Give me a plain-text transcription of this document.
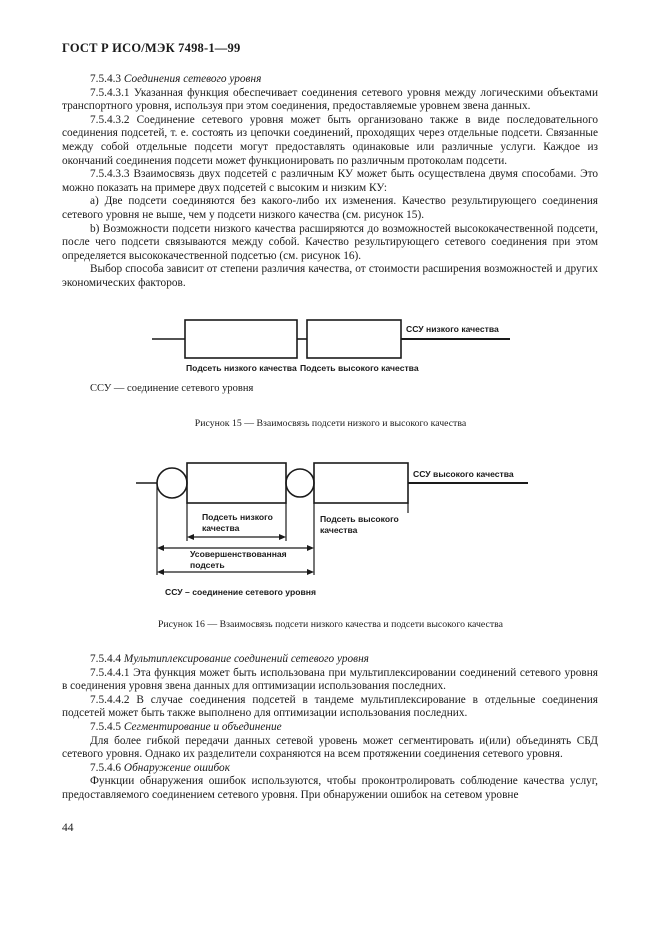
ГОСТ Р ИСО/МЭК 7498-1—99

7.5.4.3 Соединения сетевого уровня

7.5.4.3.1 Указанная функция обеспечивает соединения сетевого уровня между логическими объектами транспортного уровня, используя при этом соединения, предоставляемые уровнем звена данных.

7.5.4.3.2 Соединение сетевого уровня может быть организовано также в виде последовательного соединения подсетей, т. е. состоять из цепочки соединений, проходящих через отдельные подсети. Связанные между собой отдельные подсети могут предоставлять одинаковые или различные услуги. Каждое из окончаний соединения подсети может функционировать по различным протоколам подсети.

7.5.4.3.3 Взаимосвязь двух подсетей с различным КУ может быть осуществлена двумя способами. Это можно показать на примере двух подсетей с высоким и низким КУ:

a) Две подсети соединяются без какого-либо их изменения. Качество результирующего соединения сетевого уровня не выше, чем у подсети низкого качества (см. рисунок 15).

b) Возможности подсети низкого качества расширяются до возможностей высококачественной подсети, после чего подсети связываются между собой. Качество результирующего сетевого соединения при этом определяется высококачественной подсетью (см. рисунок 16).

Выбор способа зависит от степени различия качества, от стоимости расширения возможностей и других экономических факторов.

ССУ низкого качества
Подсеть низкого качества Подсеть высокого качества
ССУ — соединение сетевого уровня
Рисунок 15 — Взаимосвязь подсети низкого и высокого качества
ССУ высокого качества
Подсеть низкого
качества
Подсеть высокого
качества
Усовершенствованная
подсеть
ССУ – соединение сетевого уровня
Рисунок 16 — Взаимосвязь подсети низкого качества и подсети высокого качества

7.5.4.4 Мультиплексирование соединений сетевого уровня

7.5.4.4.1 Эта функция может быть использована при мультиплексировании соединений сетевого уровня в соединения уровня звена данных для оптимизации использования последних.

7.5.4.4.2 В случае соединения подсетей в тандеме мультиплексирование в отдельные соединения подсетей может быть также выполнено для оптимизации использования последних.

7.5.4.5 Сегментирование и объединение

Для более гибкой передачи данных сетевой уровень может сегментировать и(или) объединять СБД сетевого уровня. Однако их разделители сохраняются на всем протяжении соединения сетевого уровня.

7.5.4.6 Обнаружение ошибок

Функции обнаружения ошибок используются, чтобы проконтролировать соблюдение качества услуг, предоставляемого соединением сетевого уровня. При обнаружении ошибок на сетевом уровне

44
